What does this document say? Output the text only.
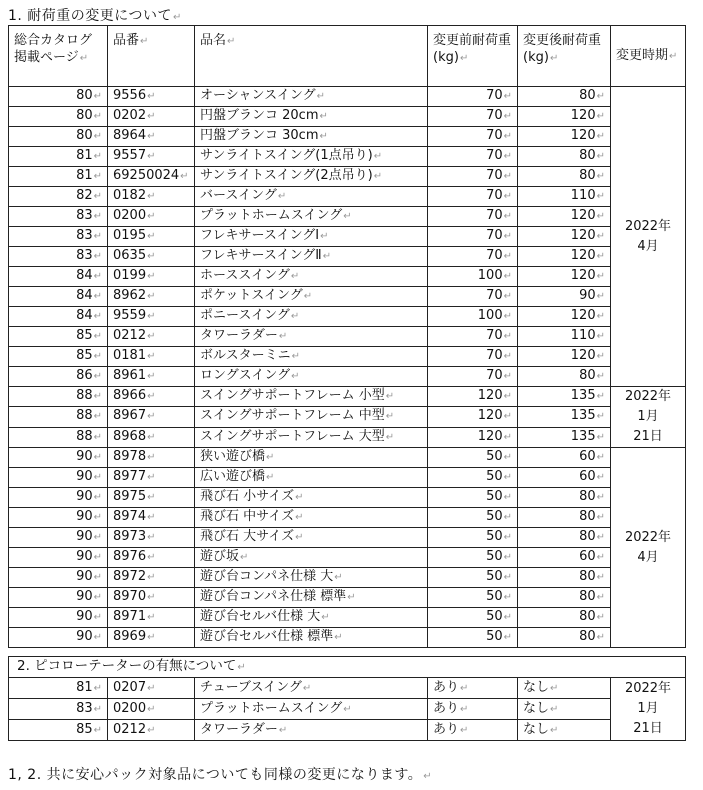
1. 耐荷重の変更について↵
総合カタログ掲載ページ↵	品番↵	品名↵	変更前耐荷重(kg)↵	変更後耐荷重(kg)↵	変更時期↵
80↵	9556↵	オーシャンスイング↵	70↵	80↵	2022年
4月

80↵	0202↵	円盤ブランコ 20cm↵	70↵	120↵	
80↵	8964↵	円盤ブランコ 30cm↵	70↵	120↵	
81↵	9557↵	サンライトスイング(1点吊り)↵	70↵	80↵	
81↵	69250024↵	サンライトスイング(2点吊り)↵	70↵	80↵	
82↵	0182↵	バースイング↵	70↵	110↵	
83↵	0200↵	プラットホームスイング↵	70↵	120↵	
83↵	0195↵	フレキサースイングⅠ↵	70↵	120↵	
83↵	0635↵	フレキサースイングⅡ↵	70↵	120↵	
84↵	0199↵	ホーススイング↵	100↵	120↵	
84↵	8962↵	ポケットスイング↵	70↵	90↵	
84↵	9559↵	ポニースイング↵	100↵	120↵	
85↵	0212↵	タワーラダー↵	70↵	110↵	
85↵	0181↵	ボルスターミニ↵	70↵	120↵	
86↵	8961↵	ロングスイング↵	70↵	80↵	
88↵	8966↵	スイングサポートフレーム 小型↵	120↵	135↵	2022年
1月
21日

88↵	8967↵	スイングサポートフレーム 中型↵	120↵	135↵	
88↵	8968↵	スイングサポートフレーム 大型↵	120↵	135↵	
90↵	8978↵	狭い遊び橋↵	50↵	60↵	2022年
4月

90↵	8977↵	広い遊び橋↵	50↵	60↵	
90↵	8975↵	飛び石 小サイズ↵	50↵	80↵	
90↵	8974↵	飛び石 中サイズ↵	50↵	80↵	
90↵	8973↵	飛び石 大サイズ↵	50↵	80↵	
90↵	8976↵	遊び坂↵	50↵	60↵	
90↵	8972↵	遊び台コンパネ仕様 大↵	50↵	80↵	
90↵	8970↵	遊び台コンパネ仕様 標準↵	50↵	80↵	
90↵	8971↵	遊び台セルバ仕様 大↵	50↵	80↵	
90↵	8969↵	遊び台セルバ仕様 標準↵	50↵	80↵	
2. ピコローテーターの有無について↵					
81↵	0207↵	チューブスイング↵	あり↵	なし↵	2022年
1月
21日

83↵	0200↵	プラットホームスイング↵	あり↵	なし↵	
85↵	0212↵	タワーラダー↵	あり↵	なし↵	
1, 2. 共に安心パック対象品についても同様の変更になります。↵
